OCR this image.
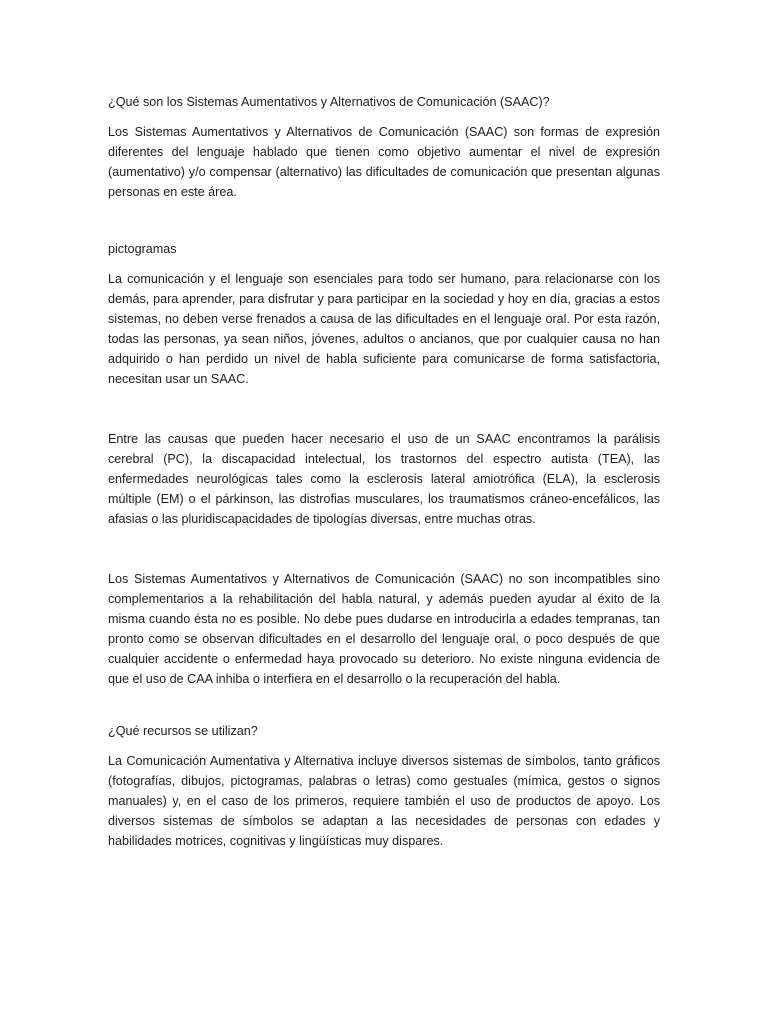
¿Qué son los Sistemas Aumentativos y Alternativos de Comunicación (SAAC)?

Los Sistemas Aumentativos y Alternativos de Comunicación (SAAC) son formas de expresión diferentes del lenguaje hablado que tienen como objetivo aumentar el nivel de expresión (aumentativo) y/o compensar (alternativo) las dificultades de comunicación que presentan algunas personas en este área.

pictogramas

La comunicación y el lenguaje son esenciales para todo ser humano, para relacionarse con los demás, para aprender, para disfrutar y para participar en la sociedad y hoy en día, gracias a estos sistemas, no deben verse frenados a causa de las dificultades en el lenguaje oral. Por esta razón, todas las personas, ya sean niños, jóvenes, adultos o ancianos, que por cualquier causa no han adquirido o han perdido un nivel de habla suficiente para comunicarse de forma satisfactoria, necesitan usar un SAAC.

Entre las causas que pueden hacer necesario el uso de un SAAC encontramos la parálisis cerebral (PC), la discapacidad intelectual, los trastornos del espectro autista (TEA), las enfermedades neurológicas tales como la esclerosis lateral amiotrófica (ELA), la esclerosis múltiple (EM) o el párkinson, las distrofias musculares, los traumatismos cráneo-encefálicos, las afasias o las pluridiscapacidades de tipologías diversas, entre muchas otras.

Los Sistemas Aumentativos y Alternativos de Comunicación (SAAC) no son incompatibles sino complementarios a la rehabilitación del habla natural, y además pueden ayudar al éxito de la misma cuando ésta no es posible. No debe pues dudarse en introducirla a edades tempranas, tan pronto como se observan dificultades en el desarrollo del lenguaje oral, o poco después de que cualquier accidente o enfermedad haya provocado su deterioro. No existe ninguna evidencia de que el uso de CAA inhiba o interfiera en el desarrollo o la recuperación del habla.

¿Qué recursos se utilizan?

La Comunicación Aumentativa y Alternativa incluye diversos sistemas de símbolos, tanto gráficos (fotografías, dibujos, pictogramas, palabras o letras) como gestuales (mímica, gestos o signos manuales) y, en el caso de los primeros, requiere también el uso de productos de apoyo. Los diversos sistemas de símbolos se adaptan a las necesidades de personas con edades y habilidades motrices, cognitivas y lingüísticas muy dispares.
